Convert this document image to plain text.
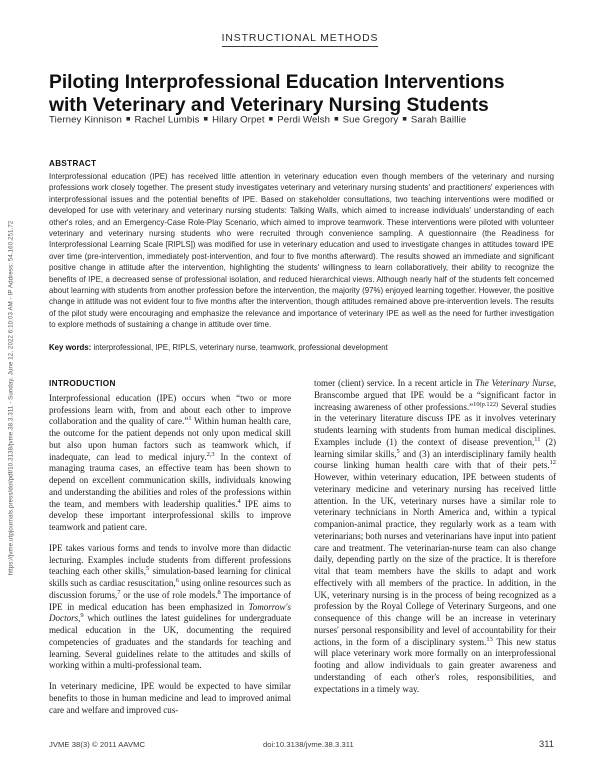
https://jvme.utpjournals.press/doi/pdf/10.3138/jvme.38.3.311 - Sunday, June 12, 2022 6:10:03 AM - IP Address: 54.160.251.72
INSTRUCTIONAL METHODS
Piloting Interprofessional Education Interventions
with Veterinary and Veterinary Nursing Students
Tierney Kinnison ■ Rachel Lumbis ■ Hilary Orpet ■ Perdi Welsh ■ Sue Gregory ■ Sarah Baillie
ABSTRACT
Interprofessional education (IPE) has received little attention in veterinary education even though members of the veterinary and nursing professions work closely together. The present study investigates veterinary and veterinary nursing students' and practitioners' experiences with interprofessional issues and the potential benefits of IPE. Based on stakeholder consultations, two teaching interventions were modified or developed for use with veterinary and veterinary nursing students: Talking Walls, which aimed to increase individuals' understanding of each other's roles, and an Emergency-Case Role-Play Scenario, which aimed to improve teamwork. These interventions were piloted with volunteer veterinary and veterinary nursing students who were recruited through convenience sampling. A questionnaire (the Readiness for Interprofessional Learning Scale [RIPLS]) was modified for use in veterinary education and used to investigate changes in attitudes toward IPE over time (pre-intervention, immediately post-intervention, and four to five months afterward). The results showed an immediate and significant positive change in attitude after the intervention, highlighting the students' willingness to learn collaboratively, their ability to recognize the benefits of IPE, a decreased sense of professional isolation, and reduced hierarchical views. Although nearly half of the students felt concerned about learning with students from another profession before the intervention, the majority (97%) enjoyed learning together. However, the positive change in attitude was not evident four to five months after the intervention, though attitudes remained above pre-intervention levels. The results of the pilot study were encouraging and emphasize the relevance and importance of veterinary IPE as well as the need for further investigation to explore methods of sustaining a change in attitude over time.
Key words: interprofessional, IPE, RIPLS, veterinary nurse, teamwork, professional development
INTRODUCTION

Interprofessional education (IPE) occurs when “two or more professions learn with, from and about each other to improve collaboration and the quality of care.”$^1$ Within human health care, the outcome for the patient depends not only upon medical skill but also upon human factors such as teamwork which, if inadequate, can lead to medical injury.$^{2,3}$ In the context of managing trauma cases, an effective team has been shown to depend on excellent communication skills, individuals knowing and understanding the abilities and roles of the professions within the team, and members with leadership qualities.$^4$ IPE aims to develop these important interprofessional skills to improve teamwork and patient care.

IPE takes various forms and tends to involve more than didactic lecturing. Examples include students from different professions teaching each other skills,$^5$ simulation-based learning for clinical skills such as cardiac resuscitation,$^6$ using online resources such as discussion forums,$^7$ or the use of role models.$^8$ The importance of IPE in medical education has been emphasized in Tomorrow's Doctors,$^9$ which outlines the latest guidelines for undergraduate medical education in the UK, documenting the required competencies of graduates and the standards for teaching and learning. Several guidelines relate to the attitudes and skills of working within a multi-professional team.

In veterinary medicine, IPE would be expected to have similar benefits to those in human medicine and lead to improved animal care and welfare and improved cus-

tomer (client) service. In a recent article in The Veterinary Nurse, Branscombe argued that IPE would be a “significant factor in increasing awareness of other professions.”$^{10(p.122)}$ Several studies in the veterinary literature discuss IPE as it involves veterinary students learning with students from human medical disciplines. Examples include (1) the context of disease prevention,$^{11}$ (2) learning similar skills,$^5$ and (3) an interdisciplinary family health course linking human health care with that of their pets.$^{12}$ However, within veterinary education, IPE between students of veterinary medicine and veterinary nursing has received little attention. In the UK, veterinary nurses have a similar role to veterinary technicians in North America and, within a typical companion-animal practice, they regularly work as a team with veterinarians; both nurses and veterinarians have input into patient care and treatment. The veterinarian-nurse team can also change daily, depending partly on the size of the practice. It is therefore vital that team members have the skills to adapt and work effectively with all members of the practice. In addition, in the UK, veterinary nursing is in the process of being recognized as a profession by the Royal College of Veterinary Surgeons, and one consequence of this change will be an increase in veterinary nurses' personal responsibility and level of accountability for their actions, in the form of a disciplinary system.$^{13}$ This new status will place veterinary work more formally on an interprofessional footing and allow individuals to gain greater awareness and understanding of each other's roles, responsibilities, and expectations in a timely way.

JVME 38(3) © 2011 AAVMC	doi:10.3138/jvme.38.3.311	311
